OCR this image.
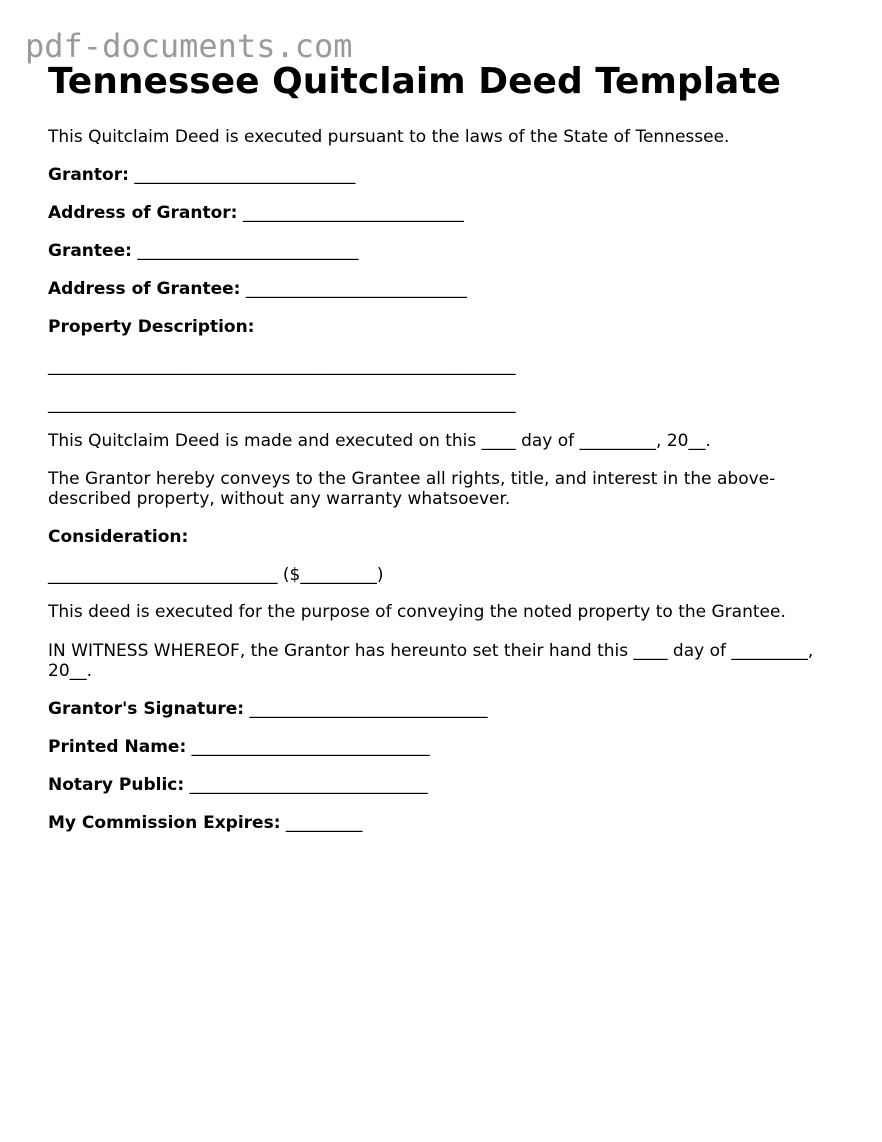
pdf-documents.com
Tennessee Quitclaim Deed Template
This Quitclaim Deed is executed pursuant to the laws of the State of Tennessee.
Grantor: __________________________
Address of Grantor: __________________________
Grantee: __________________________
Address of Grantee: __________________________
Property Description:
_______________________________________________________
_______________________________________________________
This Quitclaim Deed is made and executed on this ____ day of _________, 20__.
The Grantor hereby conveys to the Grantee all rights, title, and interest in the above-described property, without any warranty whatsoever.
Consideration:
___________________________ ($_________)
This deed is executed for the purpose of conveying the noted property to the Grantee.
IN WITNESS WHEREOF, the Grantor has hereunto set their hand this ____ day of _________, 20__.
Grantor's Signature: ____________________________
Printed Name: ____________________________
Notary Public: ____________________________
My Commission Expires: _________
